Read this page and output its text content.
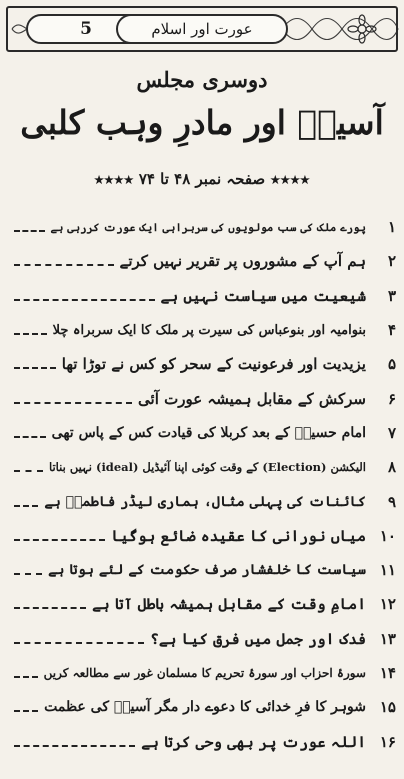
5	عورت اور اسلام
دوسری مجلس
آسیہؑ اور مادرِ وہب کلبی
★★★★ صفحہ نمبر ۴۸ تا ۷۴ ★★★★
۱
پورے ملک کی سب مولویوں کی سربراہی ایک عورت کررہی ہے
۲
ہم آپ کے مشوروں پر تقریر نہیں کرتے
۳
شیعیت میں سیاست نہیں ہے
۴
بنوامیہ اور بنوعباس کی سیرت پر ملک کا ایک سربراہ چلا
۵
یزیدیت اور فرعونیت کے سحر کو کس نے توڑا تھا
۶
سرکش کے مقابل ہمیشہ عورت آئی
۷
امام حسینؑ کے بعد کربلا کی قیادت کس کے پاس تھی
۸
الیکشن (Election) کے وقت کوئی اپنا آئیڈیل (ideal) نہیں بناتا
۹
کائنات کی پہلی مثال، ہماری لیڈر فاطمہؑ ہے
۱۰
میاں نورانی کا عقیدہ ضائع ہوگیا
۱۱
سیاست کا خلفشار صرف حکومت کے لئے ہوتا ہے
۱۲
امامِ وقت کے مقابل ہمیشہ باطل آتا ہے
۱۳
فدک اور جمل میں فرق کیا ہے؟
۱۴
سورۂ احزاب اور سورۂ تحریم کا مسلمان غور سے مطالعہ کریں
۱۵
شوہر کا فرِ خدائی کا دعوے دار مگر آسیہؑ کی عظمت
۱۶
اللہ عورت پر بھی وحی کرتا ہے
